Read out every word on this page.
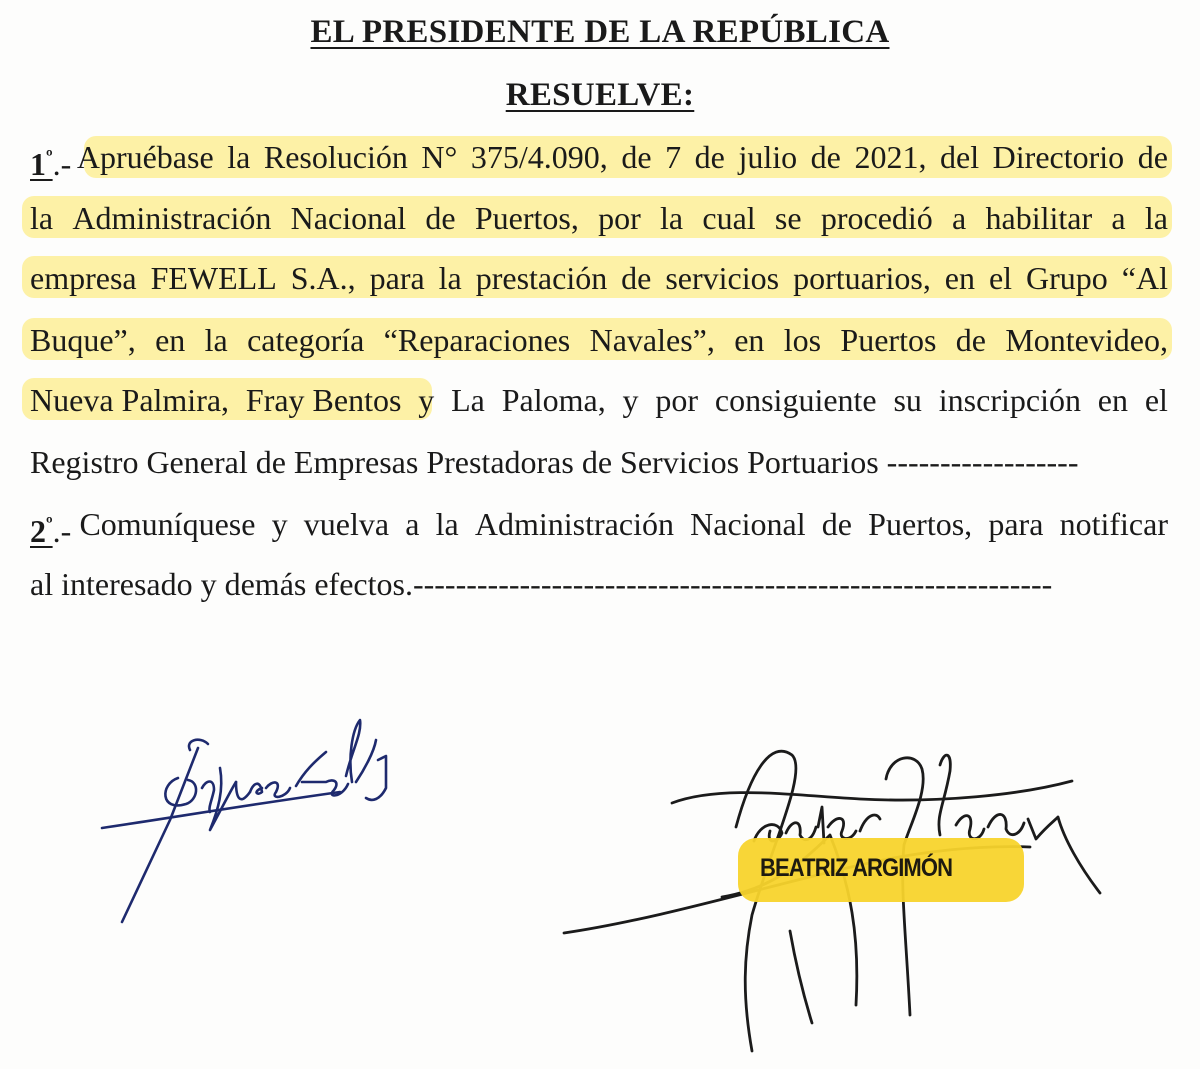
EL PRESIDENTE DE LA REPÚBLICA
RESUELVE:
$1^º.-$ Apruébase la Resolución N° 375/4.090, de 7 de julio de 2021, del Directorio de
la Administración Nacional de Puertos, por la cual se procedió a habilitar a la
empresa FEWELL S.A., para la prestación de servicios portuarios, en el Grupo “Al
Buque”, en la categoría “Reparaciones Navales”, en los Puertos de Montevideo,
Nueva Palmira, Fray Bentos y La Paloma, y por consiguiente su inscripción en el
Registro General de Empresas Prestadoras de Servicios Portuarios ------------------
$2^º.-$ Comuníquese y vuelva a la Administración Nacional de Puertos, para notificar
al interesado y demás efectos.------------------------------------------------------------
BEATRIZ ARGIMÓN
